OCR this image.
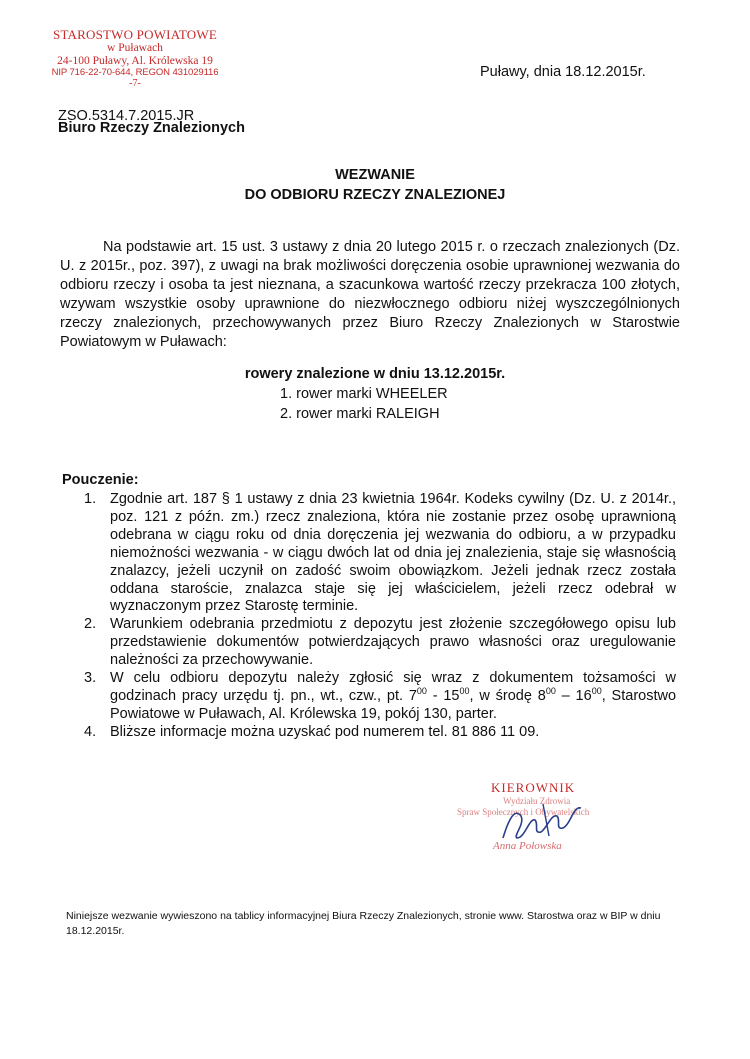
STAROSTWO POWIATOWE
w Puławach
24-100 Puławy, Al. Królewska 19
NIP 716-22-70-644, REGON 431029116
-7-
Puławy, dnia 18.12.2015r.
ZSO.5314.7.2015.JR
Biuro Rzeczy Znalezionych
WEZWANIE
DO ODBIORU RZECZY ZNALEZIONEJ
Na podstawie art. 15 ust. 3 ustawy z dnia 20 lutego 2015 r. o rzeczach znalezionych (Dz. U. z 2015r., poz. 397), z uwagi na brak możliwości doręczenia osobie uprawnionej wezwania do odbioru rzeczy i osoba ta jest nieznana, a szacunkowa wartość rzeczy przekracza 100 złotych, wzywam wszystkie osoby uprawnione do niezwłocznego odbioru niżej wyszczególnionych rzeczy znalezionych, przechowywanych przez Biuro Rzeczy Znalezionych w Starostwie Powiatowym w Puławach:
rowery znalezione w dniu 13.12.2015r.
1. rower marki WHEELER
2. rower marki RALEIGH
Pouczenie:
1. Zgodnie art. 187 § 1 ustawy z dnia 23 kwietnia 1964r. Kodeks cywilny (Dz. U. z 2014r., poz. 121 z późn. zm.) rzecz znaleziona, która nie zostanie przez osobę uprawnioną odebrana w ciągu roku od dnia doręczenia jej wezwania do odbioru, a w przypadku niemożności wezwania - w ciągu dwóch lat od dnia jej znalezienia, staje się własnością znalazcy, jeżeli uczynił on zadość swoim obowiązkom. Jeżeli jednak rzecz została oddana staroście, znalazca staje się jej właścicielem, jeżeli rzecz odebrał w wyznaczonym przez Starostę terminie.
2. Warunkiem odebrania przedmiotu z depozytu jest złożenie szczegółowego opisu lub przedstawienie dokumentów potwierdzających prawo własności oraz uregulowanie należności za przechowywanie.
3. W celu odbioru depozytu należy zgłosić się wraz z dokumentem tożsamości w godzinach pracy urzędu tj. pn., wt., czw., pt. $7^{00} - 15^{00}$, w środę $8^{00} - 16^{00}$, Starostwo Powiatowe w Puławach, Al. Królewska 19, pokój 130, parter.
4. Bliższe informacje można uzyskać pod numerem tel. 81 886 11 09.
KIEROWNIK
Wydziału Zdrowia
Spraw Społecznych i Obywatelskich
Anna Połowska
Niniejsze wezwanie wywieszono na tablicy informacyjnej Biura Rzeczy Znalezionych, stronie www. Starostwa oraz w BIP w dniu 18.12.2015r.
